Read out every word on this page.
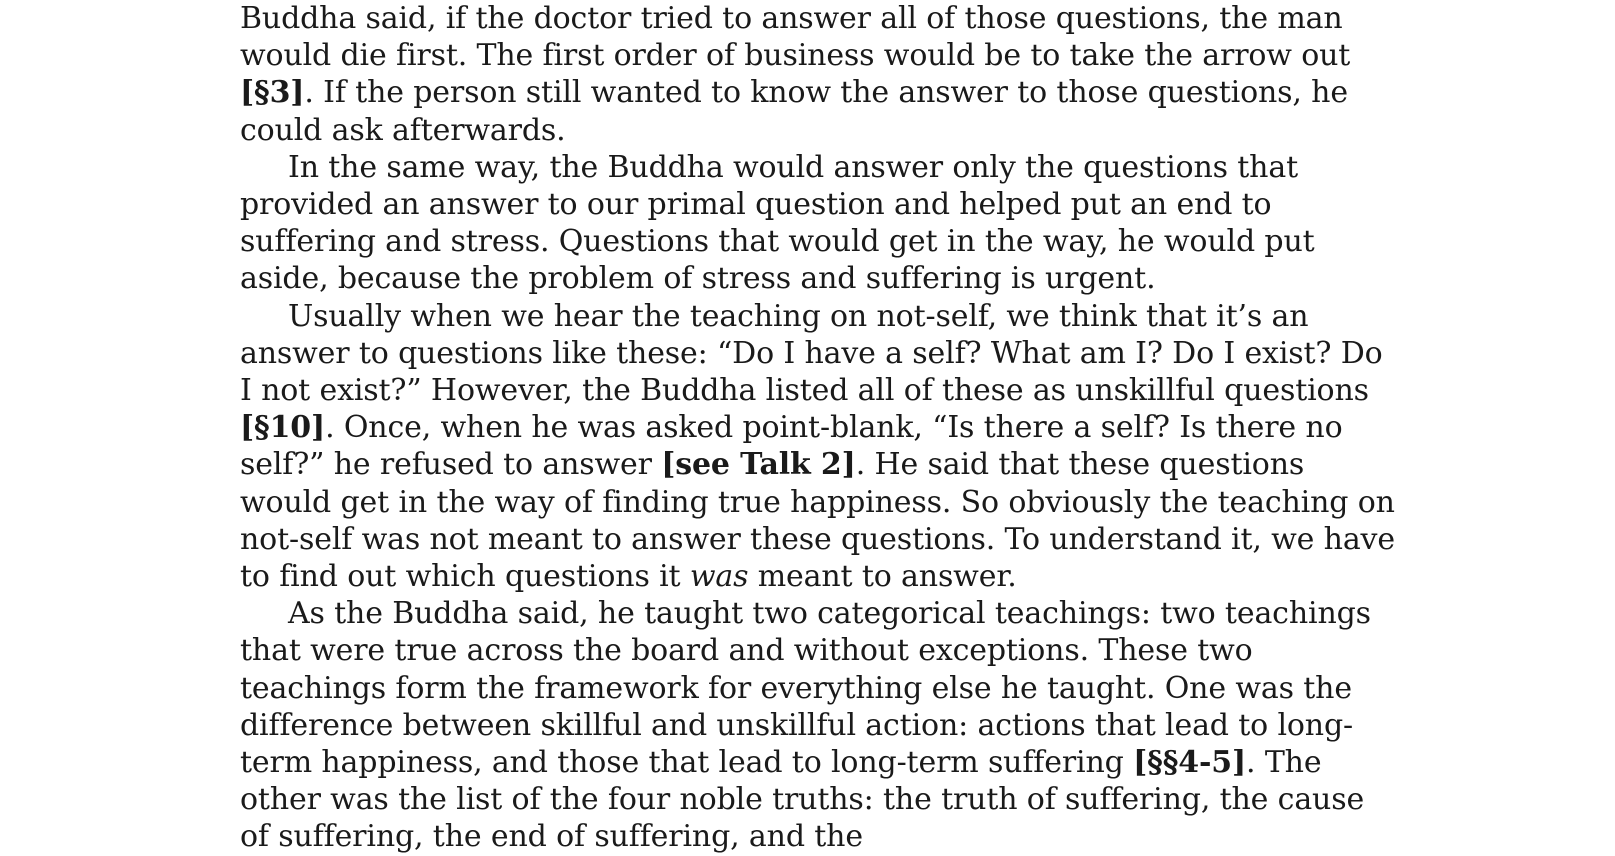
Buddha said, if the doctor tried to answer all of those questions, the man would die first. The first order of business would be to take the arrow out [§3]. If the person still wanted to know the answer to those questions, he could ask afterwards.

In the same way, the Buddha would answer only the questions that provided an answer to our primal question and helped put an end to suffering and stress. Questions that would get in the way, he would put aside, because the problem of stress and suffering is urgent.

Usually when we hear the teaching on not-self, we think that it’s an answer to questions like these: “Do I have a self? What am I? Do I exist? Do I not exist?” However, the Buddha listed all of these as unskillful questions [§10]. Once, when he was asked point-blank, “Is there a self? Is there no self?” he refused to answer [see Talk 2]. He said that these questions would get in the way of finding true happiness. So obviously the teaching on not-self was not meant to answer these questions. To understand it, we have to find out which questions it was meant to answer.

As the Buddha said, he taught two categorical teachings: two teachings that were true across the board and without exceptions. These two teachings form the framework for everything else he taught. One was the difference between skillful and unskillful action: actions that lead to long-term happiness, and those that lead to long-term suffering [§§4-5]. The other was the list of the four noble truths: the truth of suffering, the cause of suffering, the end of suffering, and the
